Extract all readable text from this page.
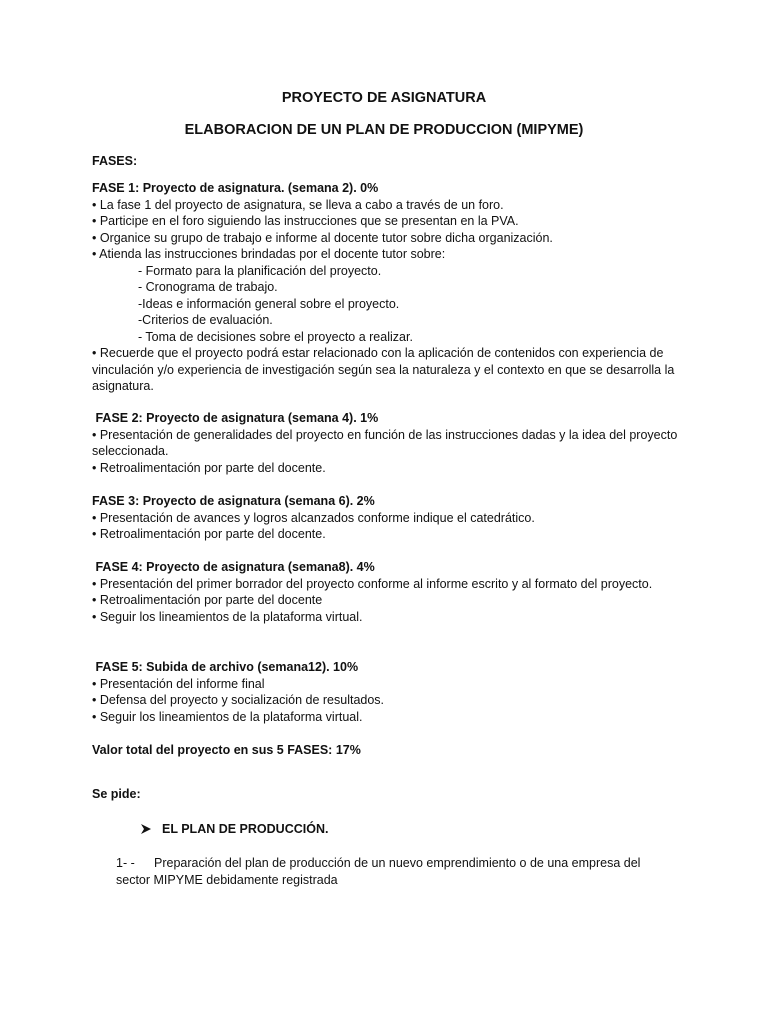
PROYECTO DE ASIGNATURA
ELABORACION DE UN PLAN DE PRODUCCION (MIPYME)
FASES:
FASE 1: Proyecto de asignatura. (semana 2). 0%
• La fase 1 del proyecto de asignatura, se lleva a cabo a través de un foro.
• Participe en el foro siguiendo las instrucciones que se presentan en la PVA.
• Organice su grupo de trabajo e informe al docente tutor sobre dicha organización.
• Atienda las instrucciones brindadas por el docente tutor sobre:
- Formato para la planificación del proyecto.
- Cronograma de trabajo.
-Ideas e información general sobre el proyecto.
-Criterios de evaluación.
- Toma de decisiones sobre el proyecto a realizar.
• Recuerde que el proyecto podrá estar relacionado con la aplicación de contenidos con experiencia de vinculación y/o experiencia de investigación según sea la naturaleza y el contexto en que se desarrolla la asignatura.
FASE 2: Proyecto de asignatura (semana 4). 1%
• Presentación de generalidades del proyecto en función de las instrucciones dadas y la idea del proyecto seleccionada.
• Retroalimentación por parte del docente.
FASE 3: Proyecto de asignatura (semana 6). 2%
• Presentación de avances y logros alcanzados conforme indique el catedrático.
• Retroalimentación por parte del docente.
FASE 4: Proyecto de asignatura (semana8). 4%
• Presentación del primer borrador del proyecto conforme al informe escrito y al formato del proyecto.
• Retroalimentación por parte del docente
• Seguir los lineamientos de la plataforma virtual.
FASE 5: Subida de archivo (semana12). 10%
• Presentación del informe final
• Defensa del proyecto y socialización de resultados.
• Seguir los lineamientos de la plataforma virtual.
Valor total del proyecto en sus 5 FASES: 17%
Se pide:
EL PLAN DE PRODUCCIÓN.
1- - Preparación del plan de producción de un nuevo emprendimiento o de una empresa del sector MIPYME debidamente registrada
